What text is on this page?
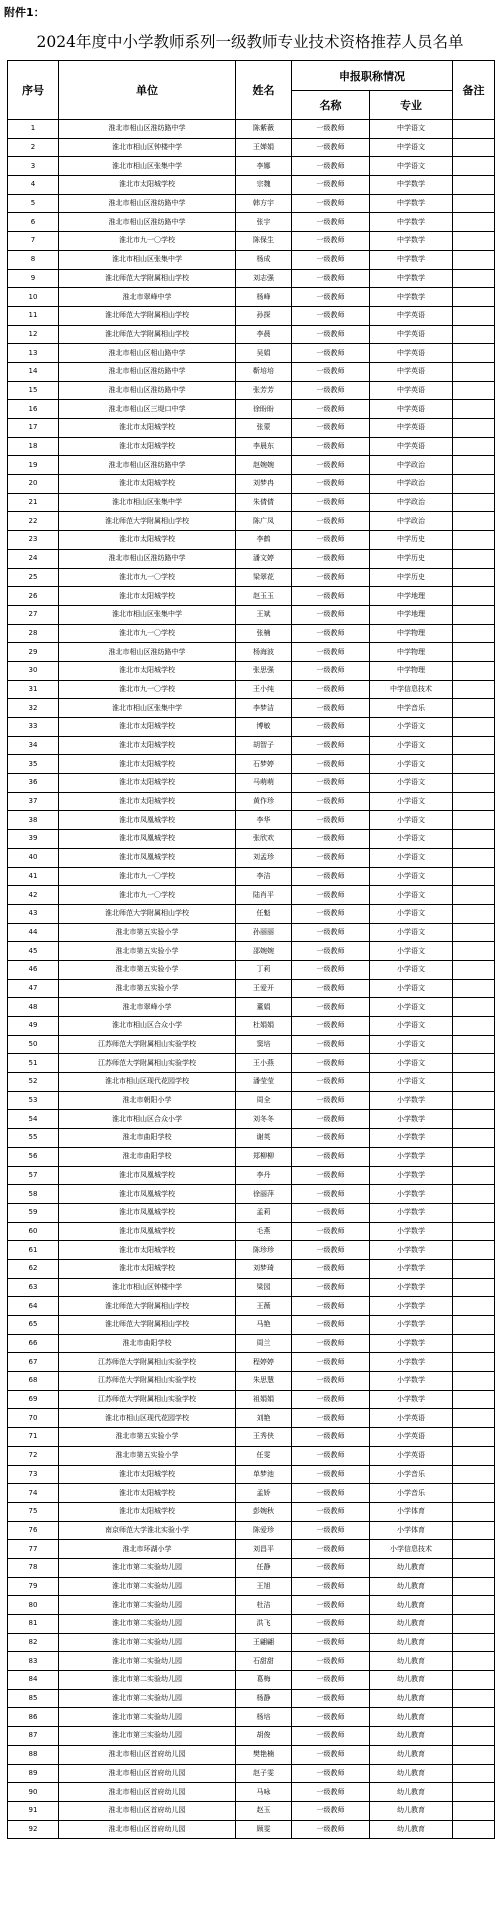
附件1：
2024年度中小学教师系列一级教师专业技术资格推荐人员名单
序号	单位	姓名	申报职称情况		备注
			名称	专业	
1	淮北市相山区淮纺路中学	陈紫薇	一级教师	中学语文	
2	淮北市相山区钟楼中学	王婵娟	一级教师	中学语文	
3	淮北市相山区张集中学	李娜	一级教师	中学语文	
4	淮北市太阳城学校	宗魏	一级教师	中学数学	
5	淮北市相山区淮纺路中学	韩方宇	一级教师	中学数学	
6	淮北市相山区淮纺路中学	张宇	一级教师	中学数学	
7	淮北市九一〇学校	陈保生	一级教师	中学数学	
8	淮北市相山区张集中学	杨成	一级教师	中学数学	
9	淮北师范大学附属相山学校	刘志强	一级教师	中学数学	
10	淮北市翠峰中学	杨峰	一级教师	中学数学	
11	淮北师范大学附属相山学校	孙探	一级教师	中学英语	
12	淮北师范大学附属相山学校	李晨	一级教师	中学英语	
13	淮北市相山区相山路中学	吴娟	一级教师	中学英语	
14	淮北市相山区淮纺路中学	靳培培	一级教师	中学英语	
15	淮北市相山区淮纺路中学	张芳芳	一级教师	中学英语	
16	淮北市相山区三堤口中学	徐盼盼	一级教师	中学英语	
17	淮北市太阳城学校	张蒙	一级教师	中学英语	
18	淮北市太阳城学校	李晨东	一级教师	中学英语	
19	淮北市相山区淮纺路中学	赵婉婉	一级教师	中学政治	
20	淮北市太阳城学校	刘梦冉	一级教师	中学政治	
21	淮北市相山区张集中学	朱倩倩	一级教师	中学政治	
22	淮北师范大学附属相山学校	陈广凤	一级教师	中学政治	
23	淮北市太阳城学校	李鹤	一级教师	中学历史	
24	淮北市相山区淮纺路中学	潘文婷	一级教师	中学历史	
25	淮北市九一〇学校	梁翠花	一级教师	中学历史	
26	淮北市太阳城学校	赵玉玉	一级教师	中学地理	
27	淮北市相山区张集中学	王斌	一级教师	中学地理	
28	淮北市九一〇学校	张楠	一级教师	中学物理	
29	淮北市相山区淮纺路中学	杨海波	一级教师	中学物理	
30	淮北市太阳城学校	张思强	一级教师	中学物理	
31	淮北市九一〇学校	王小纯	一级教师	中学信息技术	
32	淮北市相山区张集中学	李梦洁	一级教师	中学音乐	
33	淮北市太阳城学校	博敏	一级教师	小学语文	
34	淮北市太阳城学校	胡智子	一级教师	小学语文	
35	淮北市太阳城学校	石梦婷	一级教师	小学语文	
36	淮北市太阳城学校	马萌萌	一级教师	小学语文	
37	淮北市太阳城学校	黄作珍	一级教师	小学语文	
38	淮北市凤凰城学校	李华	一级教师	小学语文	
39	淮北市凤凰城学校	张欣欢	一级教师	小学语文	
40	淮北市凤凰城学校	刘孟珍	一级教师	小学语文	
41	淮北市九一〇学校	李洁	一级教师	小学语文	
42	淮北市九一〇学校	陆肖平	一级教师	小学语文	
43	淮北师范大学附属相山学校	任魁	一级教师	小学语文	
44	淮北市第五实验小学	孙丽丽	一级教师	小学语文	
45	淮北市第五实验小学	邵婉婉	一级教师	小学语文	
46	淮北市第五实验小学	丁莉	一级教师	小学语文	
47	淮北市第五实验小学	王爱开	一级教师	小学语文	
48	淮北市翠峰小学	董娟	一级教师	小学语文	
49	淮北市相山区合众小学	杜娟娟	一级教师	小学语文	
50	江苏师范大学附属相山实验学校	窦培	一级教师	小学语文	
51	江苏师范大学附属相山实验学校	王小燕	一级教师	小学语文	
52	淮北市相山区现代花园学校	潘莹莹	一级教师	小学语文	
53	淮北市朝阳小学	周全	一级教师	小学数学	
54	淮北市相山区合众小学	刘冬冬	一级教师	小学数学	
55	淮北市曲阳学校	谢英	一级教师	小学数学	
56	淮北市曲阳学校	郑柳柳	一级教师	小学数学	
57	淮北市凤凰城学校	李丹	一级教师	小学数学	
58	淮北市凤凰城学校	徐丽萍	一级教师	小学数学	
59	淮北市凤凰城学校	孟莉	一级教师	小学数学	
60	淮北市凤凰城学校	毛燕	一级教师	小学数学	
61	淮北市太阳城学校	陈珍珍	一级教师	小学数学	
62	淮北市太阳城学校	刘梦琦	一级教师	小学数学	
63	淮北市相山区钟楼中学	梁园	一级教师	小学数学	
64	淮北师范大学附属相山学校	王薇	一级教师	小学数学	
65	淮北师范大学附属相山学校	马艳	一级教师	小学数学	
66	淮北市曲阳学校	周兰	一级教师	小学数学	
67	江苏师范大学附属相山实验学校	程婷婷	一级教师	小学数学	
68	江苏师范大学附属相山实验学校	朱思慧	一级教师	小学数学	
69	江苏师范大学附属相山实验学校	祖娟娟	一级教师	小学数学	
70	淮北市相山区现代花园学校	刘艳	一级教师	小学英语	
71	淮北市第五实验小学	王秀侠	一级教师	小学英语	
72	淮北市第五实验小学	任雯	一级教师	小学英语	
73	淮北市太阳城学校	单梦池	一级教师	小学音乐	
74	淮北市太阳城学校	孟娇	一级教师	小学音乐	
75	淮北市太阳城学校	彭婉秋	一级教师	小学体育	
76	南京师范大学淮北实验小学	陈爱珍	一级教师	小学体育	
77	淮北市环湖小学	刘昌平	一级教师	小学信息技术	
78	淮北市第二实验幼儿园	任静	一级教师	幼儿教育	
79	淮北市第二实验幼儿园	王旭	一级教师	幼儿教育	
80	淮北市第二实验幼儿园	杜洁	一级教师	幼儿教育	
81	淮北市第二实验幼儿园	洪飞	一级教师	幼儿教育	
82	淮北市第二实验幼儿园	王翩翩	一级教师	幼儿教育	
83	淮北市第二实验幼儿园	石甜甜	一级教师	幼儿教育	
84	淮北市第二实验幼儿园	葛梅	一级教师	幼儿教育	
85	淮北市第二实验幼儿园	杨静	一级教师	幼儿教育	
86	淮北市第二实验幼儿园	杨培	一级教师	幼儿教育	
87	淮北市第三实验幼儿园	胡俊	一级教师	幼儿教育	
88	淮北市相山区首府幼儿园	樊艳楠	一级教师	幼儿教育	
89	淮北市相山区首府幼儿园	赵子雯	一级教师	幼儿教育	
90	淮北市相山区首府幼儿园	马咏	一级教师	幼儿教育	
91	淮北市相山区首府幼儿园	赵玉	一级教师	幼儿教育	
92	淮北市相山区首府幼儿园	顾雯	一级教师	幼儿教育	
